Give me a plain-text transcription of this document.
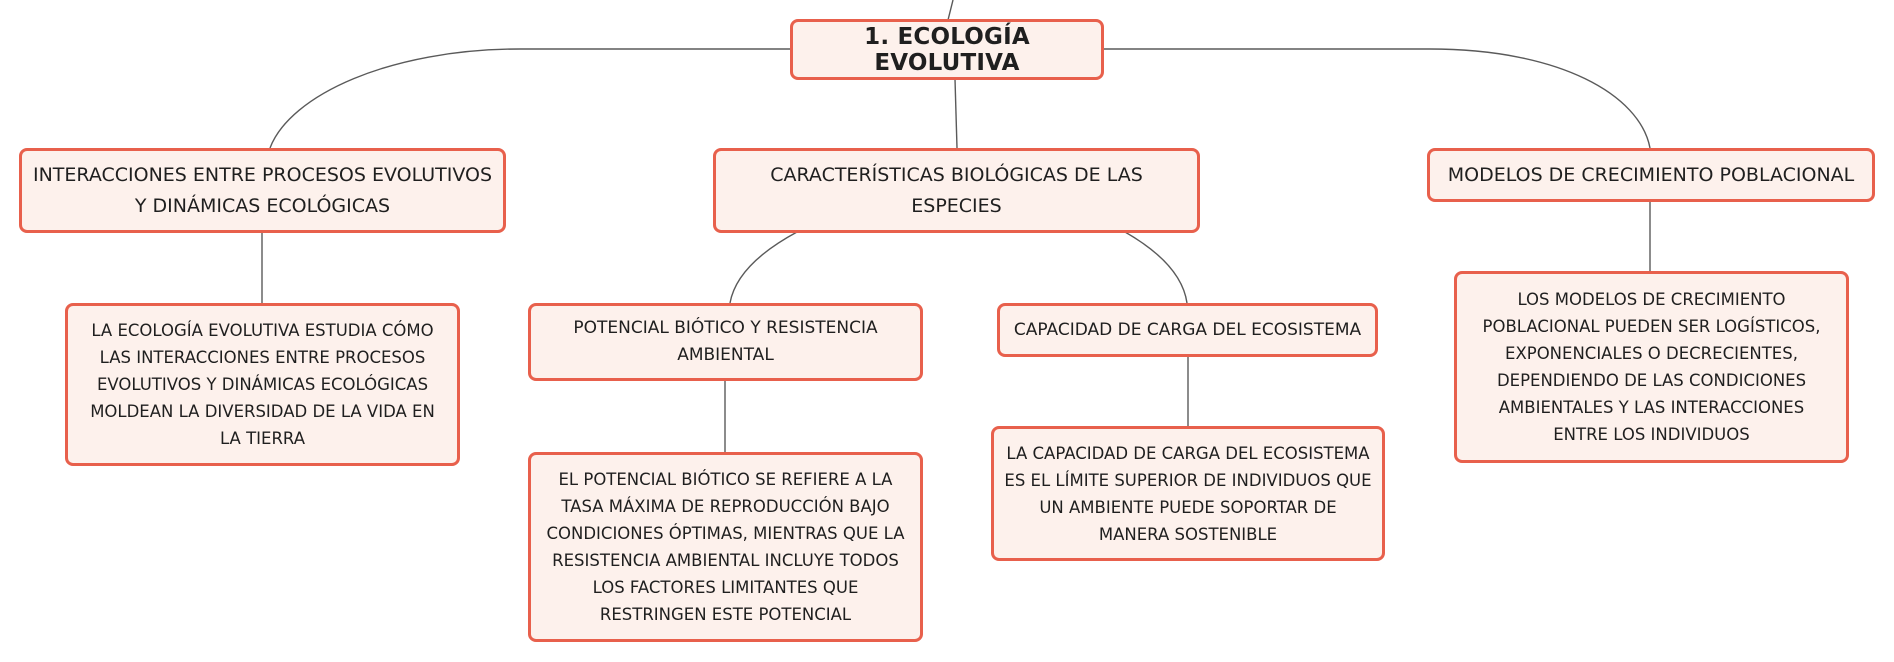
1. ECOLOGÍA EVOLUTIVA
INTERACCIONES ENTRE PROCESOS EVOLUTIVOS Y DINÁMICAS ECOLÓGICAS
CARACTERÍSTICAS BIOLÓGICAS DE LAS ESPECIES
MODELOS DE CRECIMIENTO POBLACIONAL
LA ECOLOGÍA EVOLUTIVA ESTUDIA CÓMO LAS INTERACCIONES ENTRE PROCESOS EVOLUTIVOS Y DINÁMICAS ECOLÓGICAS MOLDEAN LA DIVERSIDAD DE LA VIDA EN LA TIERRA
POTENCIAL BIÓTICO Y RESISTENCIA AMBIENTAL
CAPACIDAD DE CARGA DEL ECOSISTEMA
EL POTENCIAL BIÓTICO SE REFIERE A LA TASA MÁXIMA DE REPRODUCCIÓN BAJO CONDICIONES ÓPTIMAS, MIENTRAS QUE LA RESISTENCIA AMBIENTAL INCLUYE TODOS LOS FACTORES LIMITANTES QUE RESTRINGEN ESTE POTENCIAL
LA CAPACIDAD DE CARGA DEL ECOSISTEMA ES EL LÍMITE SUPERIOR DE INDIVIDUOS QUE UN AMBIENTE PUEDE SOPORTAR DE MANERA SOSTENIBLE
LOS MODELOS DE CRECIMIENTO POBLACIONAL PUEDEN SER LOGÍSTICOS, EXPONENCIALES O DECRECIENTES, DEPENDIENDO DE LAS CONDICIONES AMBIENTALES Y LAS INTERACCIONES ENTRE LOS INDIVIDUOS
